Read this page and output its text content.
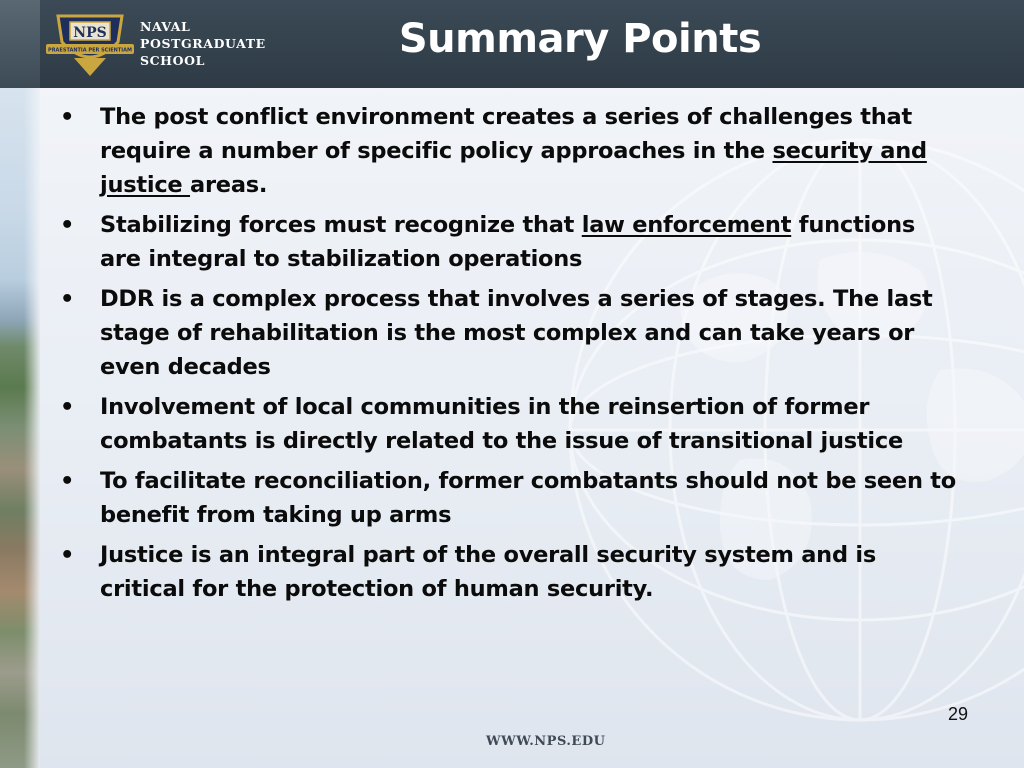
NPS
PRAESTANTIA PER SCIENTIAM
NAVAL
POSTGRADUATE
SCHOOL	Summary Points
• The post conflict environment creates a series of challenges that require a number of specific policy approaches in the security and justice areas.
• Stabilizing forces must recognize that law enforcement functions are integral to stabilization operations
• DDR is a complex process that involves a series of stages. The last stage of rehabilitation is the most complex and can take years or even decades
• Involvement of local communities in the reinsertion of former combatants is directly related to the issue of transitional justice
• To facilitate reconciliation, former combatants should not be seen to benefit from taking up arms
• Justice is an integral part of the overall security system and is critical for the protection of human security.
29
WWW.NPS.EDU
